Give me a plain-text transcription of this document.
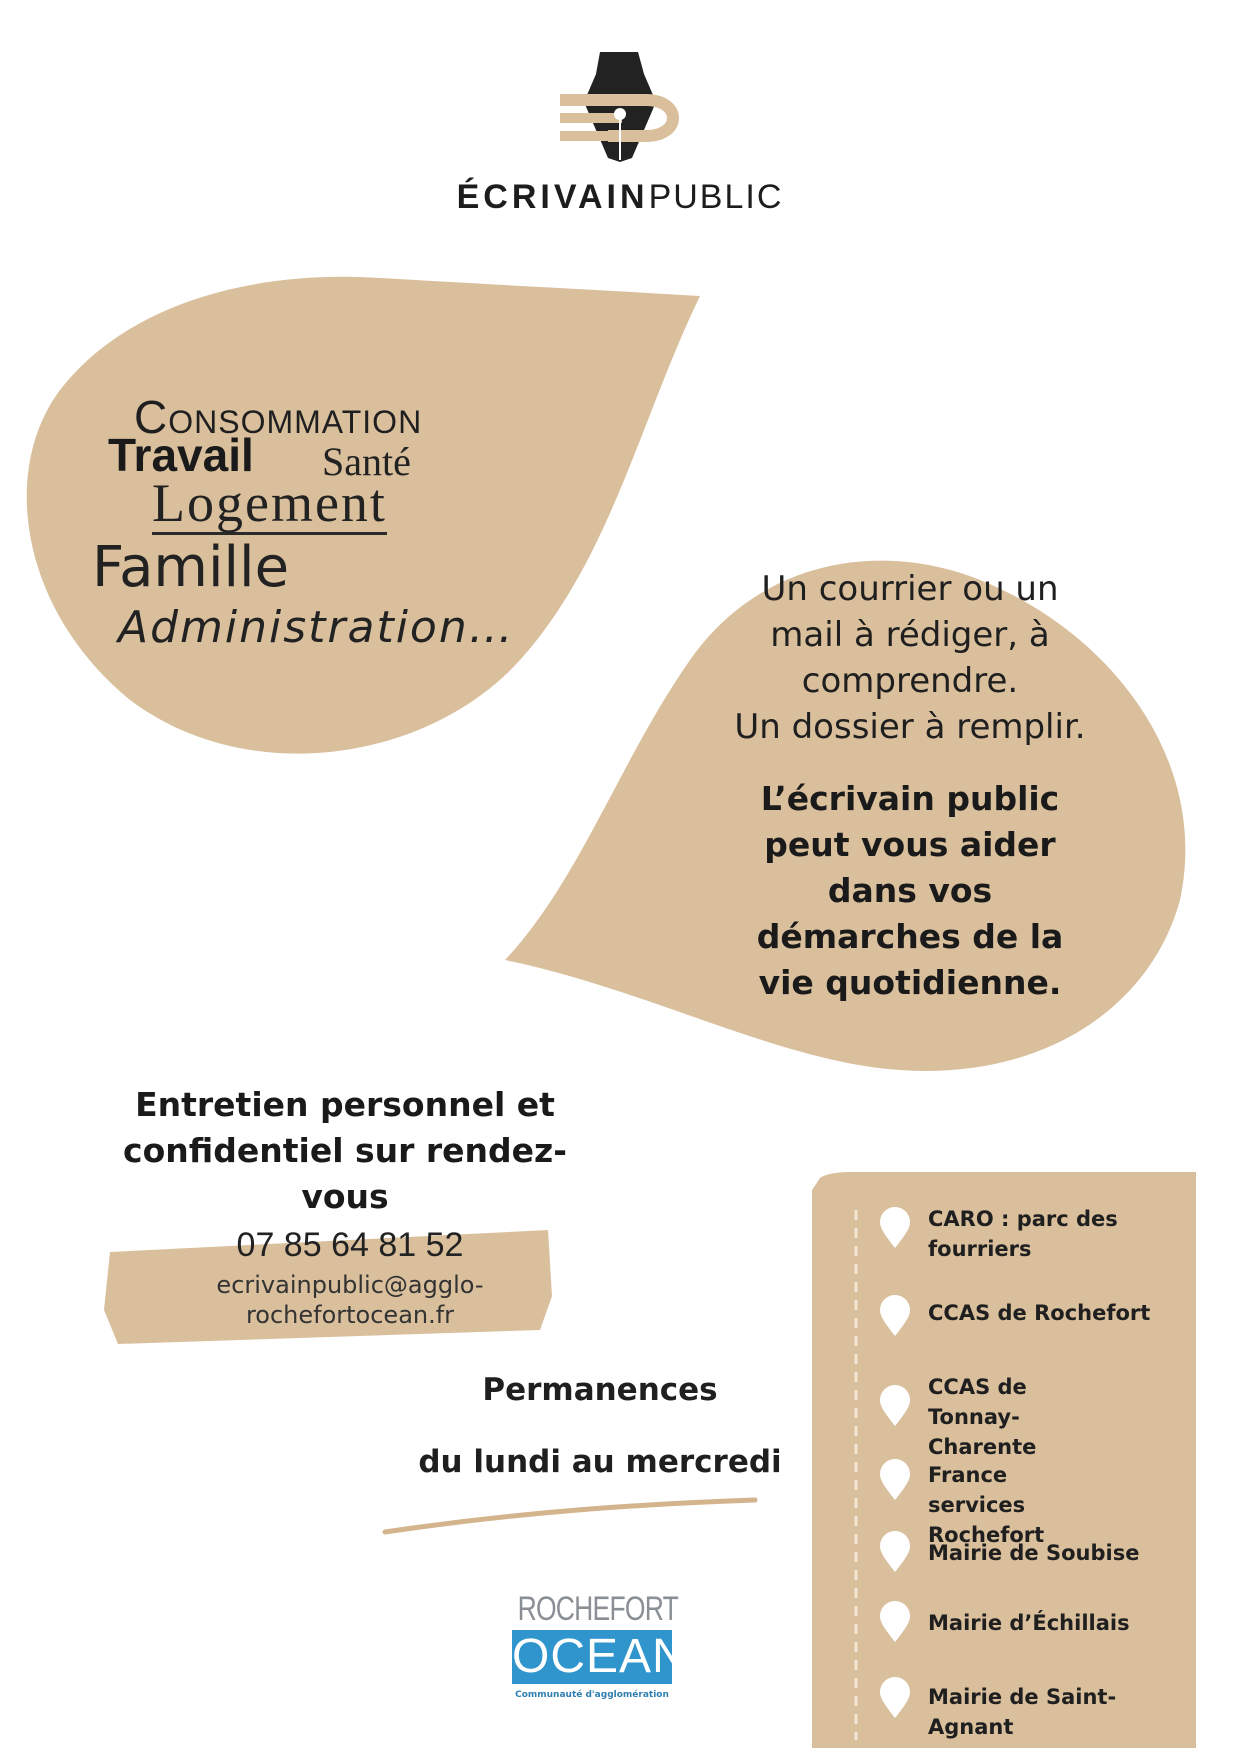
ÉCRIVAINPUBLIC
Consommation
Travail Santé
Logement
Famille
Administration…
Un courrier ou un
mail à rédiger, à
comprendre.
Un dossier à remplir.
L’écrivain public
peut vous aider
dans vos
démarches de la
vie quotidienne.
Entretien personnel et
confidentiel sur rendez-
vous
07 85 64 81 52
ecrivainpublic@agglo-
rochefortocean.fr
Permanences
du lundi au mercredi
ROCHEFORT
OCEAN
Communauté d'agglomération
CARO : parc des fourriers
CCAS de Rochefort
CCAS de Tonnay-Charente
France services Rochefort
Mairie de Soubise
Mairie d’Échillais
Mairie de Saint-Agnant
